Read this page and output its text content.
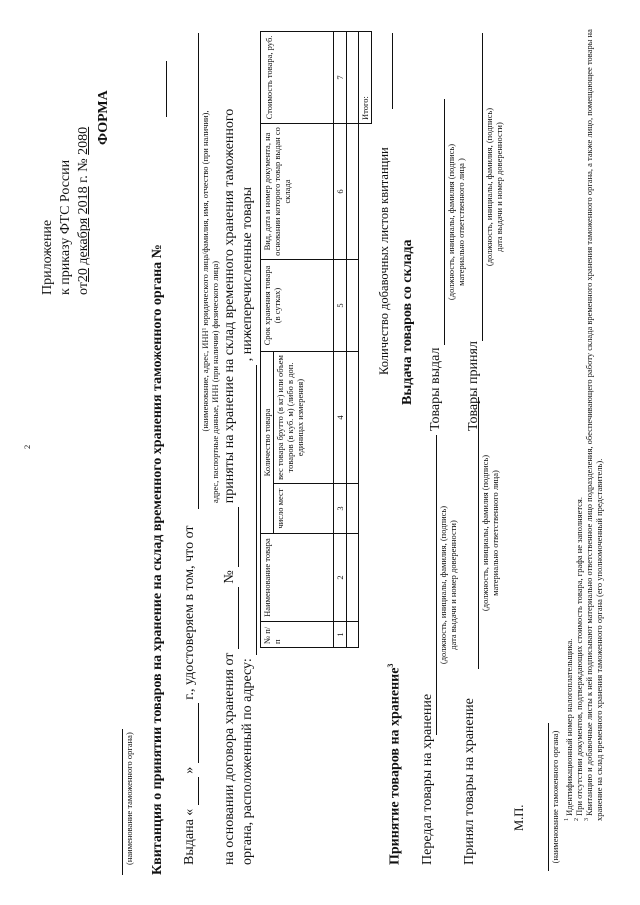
2
Приложение к приказу ФТС России от20 декабря 2018 г. № 2080 ФОРМА
(наименование таможенного органа) Квитанция о принятии товаров на хранение на склад временного хранения таможенного органа № Выдана «   »   г., удостоверяем в том, что от
(наименование, адрес, ИНН¹ юридического лица/фамилия, имя, отчество (при наличии), адрес, паспортные данные, ИНН (при наличии) физического лица)
на основании договора хранения от   №   приняты на хранение на склад временного хранения таможенного
органа, расположенный по адресу:   , нижеперечисленные товары
№ п/п	Наименование товара	Количество товара		Срок хранения товара (в сутках)	Вид, дата и номер документа, на основании которого товар выдан со склада	Стоимость товара, руб.
		число мест	вес товара брутто (в кг) или объем товаров (в куб. м) (либо в доп. единицах измерения)			
1	2	3	4	5	6	7

						Итого:
Количество добавочных листов квитанции
Принятие товаров на хранение$^3$
Передал товары на хранение
(должность, инициалы, фамилия, (подпись) дата выдачи и номер доверенности)
Принял товары на хранение
(должность, инициалы, фамилия (подпись) материально ответственного лица)
Выдача товаров со склада Товары выдал
(должность, инициалы, фамилия (подпись) материально ответственного лица )
Товары принял
(должность, инициалы, фамилия, (подпись) дата выдачи и номер доверенности)
М.П.	(наименование таможенного органа) $^1$ Идентификационный номер налогоплательщика.
$^2$ При отсутствии документов, подтверждающих стоимость товара, графа не заполняется.
$^3$ Квитанцию и добавочные листы к ней подписывают материально ответственное лицо подразделения, обеспечивающего работу склада временного хранения таможенного органа, а также лицо, помещающее товары на хранение на склад временного хранения таможенного органа (его уполномоченный представитель).
